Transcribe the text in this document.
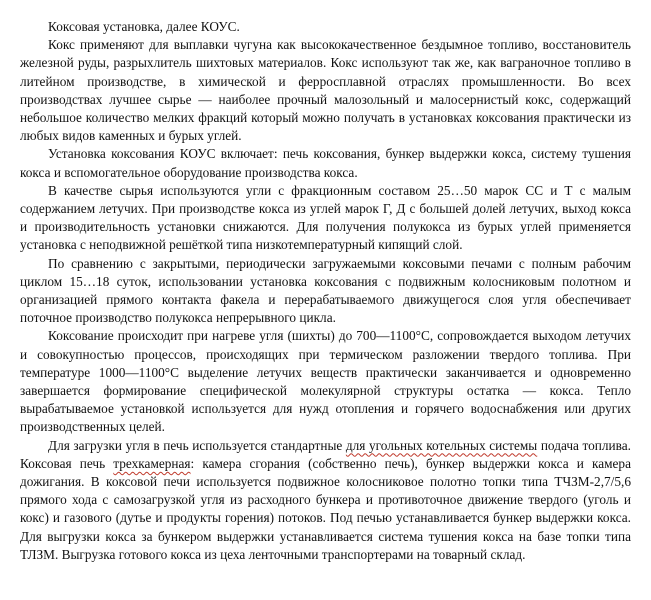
Коксовая установка, далее КОУС.

Кокс применяют для выплавки чугуна как высококачественное бездымное топливо, восстановитель железной руды, разрыхлитель шихтовых материалов. Кокс используют так же, как ваграночное топливо в литейном производстве, в химической и ферросплавной отраслях промышленности. Во всех производствах лучшее сырье — наиболее прочный малозольный и малосернистый кокс, содержащий небольшое количество мелких фракций который можно получать в установках коксования практически из любых видов каменных и бурых углей.

Установка коксования КОУС включает: печь коксования, бункер выдержки кокса, систему тушения кокса и вспомогательное оборудование производства кокса.

В качестве сырья используются угли с фракционным составом 25…50 марок СС и Т с малым содержанием летучих. При производстве кокса из углей марок Г, Д с большей долей летучих, выход кокса и производительность установки снижаются. Для получения полукокса из бурых углей применяется установка с неподвижной решёткой типа низкотемпературный кипящий слой.

По сравнению с закрытыми, периодически загружаемыми коксовыми печами с полным рабочим циклом 15…18 суток, использовании установка коксования с подвижным колосниковым полотном и организацией прямого контакта факела и перерабатываемого движущегося слоя угля обеспечивает поточное производство полукокса непрерывного цикла.

Коксование происходит при нагреве угля (шихты) до 700—1100°С, сопровождается выходом летучих и совокупностью процессов, происходящих при термическом разложении твердого топлива. При температуре 1000—1100°С выделение летучих веществ практически заканчивается и одновременно завершается формирование специфической молекулярной структуры остатка — кокса. Тепло вырабатываемое установкой используется для нужд отопления и горячего водоснабжения или других производственных целей.

Для загрузки угля в печь используется стандартные для угольных котельных системы подача топлива. Коксовая печь трехкамерная: камера сгорания (собственно печь), бункер выдержки кокса и камера дожигания. В коксовой печи используется подвижное колосниковое полотно топки типа ТЧЗМ-2,7/5,6 прямого хода с самозагрузкой угля из расходного бункера и противоточное движение твердого (уголь и кокс) и газового (дутье и продукты горения) потоков. Под печью устанавливается бункер выдержки кокса. Для выгрузки кокса за бункером выдержки устанавливается система тушения кокса на базе топки типа ТЛЗМ. Выгрузка готового кокса из цеха ленточными транспортерами на товарный склад.
